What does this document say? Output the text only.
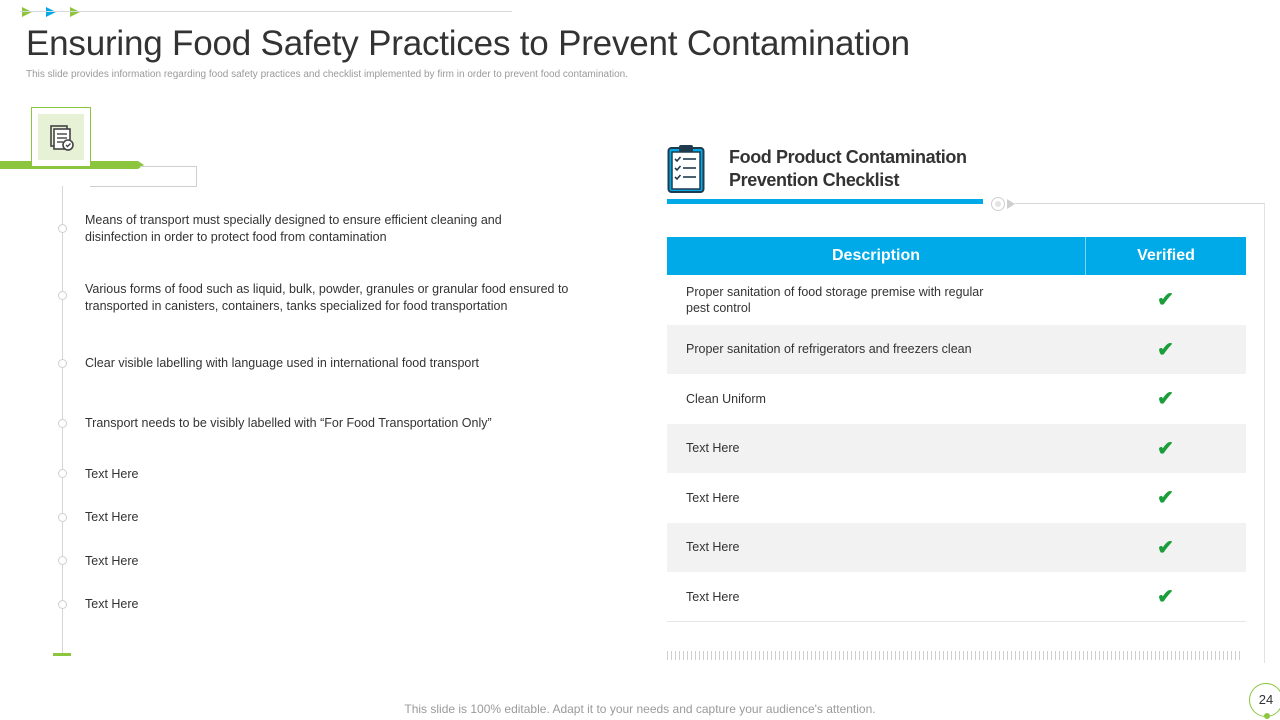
Ensuring Food Safety Practices to Prevent Contamination
This slide provides information regarding food safety practices and checklist implemented by firm in order to prevent food contamination.
Means of transport must specially designed to ensure efficient cleaning and disinfection in order to protect food from contamination
Various forms of food such as liquid, bulk, powder, granules or granular food ensured to transported in canisters, containers, tanks specialized for food transportation
Clear visible labelling with language used in international food transport
Transport needs to be visibly labelled with “For Food Transportation Only”
Text Here
Text Here
Text Here
Text Here
Food Product Contamination
Prevention Checklist
Description	Verified
Proper sanitation of food storage premise with regular pest control	✔
Proper sanitation of refrigerators and freezers clean	✔
Clean Uniform	✔
Text Here	✔
Text Here	✔
Text Here	✔
Text Here	✔
This slide is 100% editable. Adapt it to your needs and capture your audience's attention.
24
